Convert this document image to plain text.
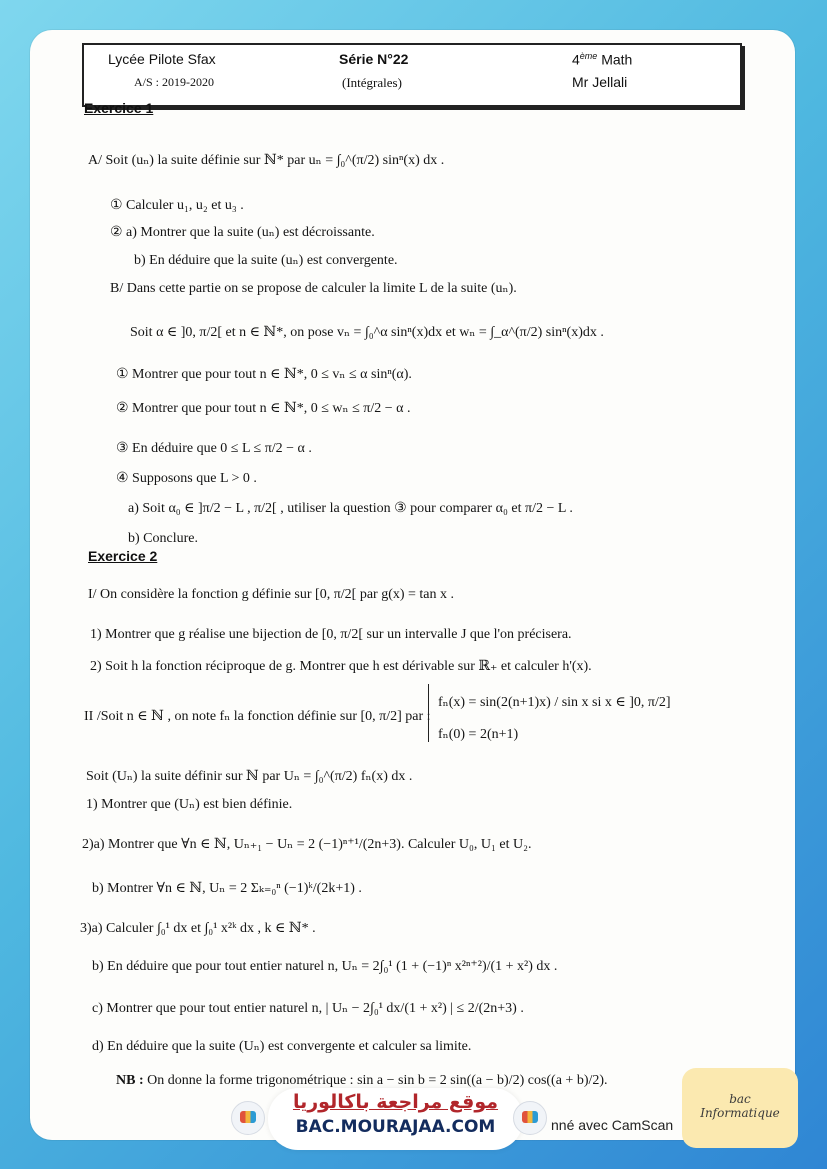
Lycée Pilote Sfax
A/S : 2019-2020
Série N°22
(Intégrales)
4ème Math
Mr Jellali
Exercice 1
A/ Soit (uₙ) la suite définie sur ℕ* par uₙ = ∫₀^(π/2) sinⁿ(x) dx .
① Calculer u₁, u₂ et u₃ .
② a) Montrer que la suite (uₙ) est décroissante.
b) En déduire que la suite (uₙ) est convergente.
B/ Dans cette partie on se propose de calculer la limite L de la suite (uₙ).
Soit α ∈ ]0, π/2[ et n ∈ ℕ*, on pose vₙ = ∫₀^α sinⁿ(x)dx et wₙ = ∫_α^(π/2) sinⁿ(x)dx .
① Montrer que pour tout n ∈ ℕ*, 0 ≤ vₙ ≤ α sinⁿ(α).
② Montrer que pour tout n ∈ ℕ*, 0 ≤ wₙ ≤ π/2 − α .
③ En déduire que 0 ≤ L ≤ π/2 − α .
④ Supposons que L > 0 .
a) Soit α₀ ∈ ]π/2 − L , π/2[ , utiliser la question ③ pour comparer α₀ et π/2 − L .
b) Conclure.
Exercice 2
I/ On considère la fonction g définie sur [0, π/2[ par g(x) = tan x .
1) Montrer que g réalise une bijection de [0, π/2[ sur un intervalle J que l'on précisera.
2) Soit h la fonction réciproque de g. Montrer que h est dérivable sur ℝ₊ et calculer h'(x).
II /Soit n ∈ ℕ , on note fₙ la fonction définie sur [0, π/2] par :
fₙ(x) = sin(2(n+1)x) / sin x si x ∈ ]0, π/2]
fₙ(0) = 2(n+1)
Soit (Uₙ) la suite définir sur ℕ par Uₙ = ∫₀^(π/2) fₙ(x) dx .
1) Montrer que (Uₙ) est bien définie.
2)a) Montrer que ∀n ∈ ℕ, Uₙ₊₁ − Uₙ = 2 (−1)ⁿ⁺¹/(2n+3). Calculer U₀, U₁ et U₂.
b) Montrer ∀n ∈ ℕ, Uₙ = 2 Σₖ₌₀ⁿ (−1)ᵏ/(2k+1) .
3)a) Calculer ∫₀¹ dx et ∫₀¹ x²ᵏ dx , k ∈ ℕ* .
b) En déduire que pour tout entier naturel n, Uₙ = 2∫₀¹ (1 + (−1)ⁿ x²ⁿ⁺²)/(1 + x²) dx .
c) Montrer que pour tout entier naturel n, | Uₙ − 2∫₀¹ dx/(1 + x²) | ≤ 2/(2n+3) .
d) En déduire que la suite (Uₙ) est convergente et calculer sa limite.
NB : On donne la forme trigonométrique : sin a − sin b = 2 sin((a − b)/2) cos((a + b)/2).
موقع مراجعة باكالوريا
BAC.MOURAJAA.COM	nné avec CamScan
bac
Informatique
